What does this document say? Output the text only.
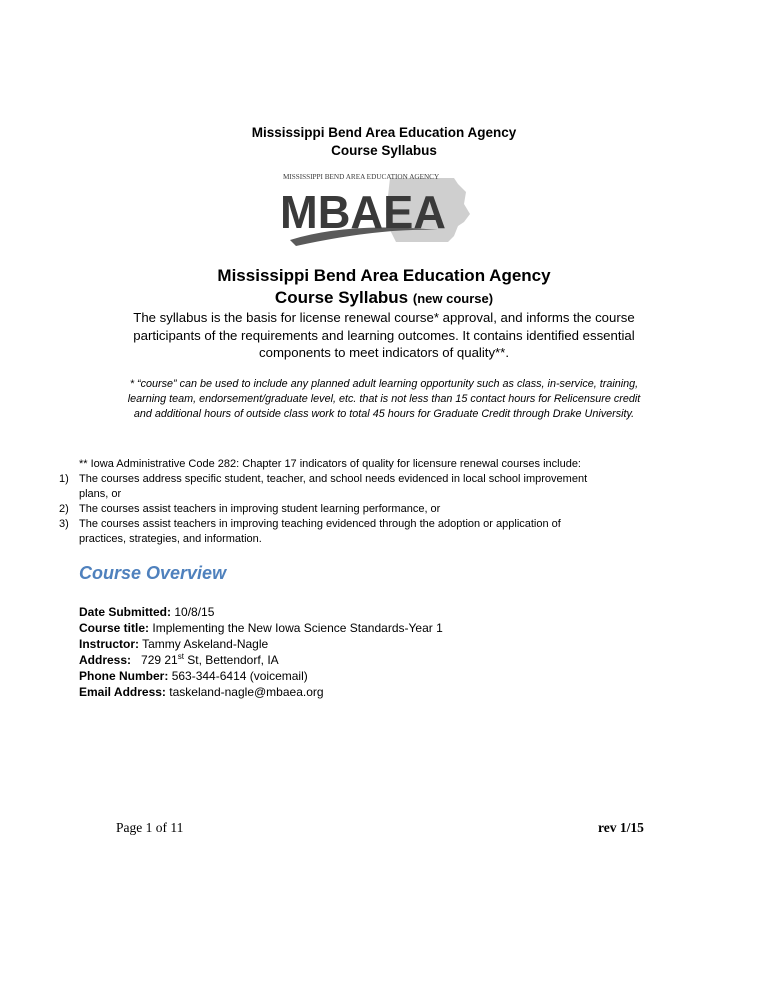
Mississippi Bend Area Education Agency
Course Syllabus
MISSISSIPPI BEND AREA EDUCATION AGENCY
MBAEA
Mississippi Bend Area Education Agency
Course Syllabus (new course)
The syllabus is the basis for license renewal course* approval, and informs the course participants of the requirements and learning outcomes. It contains identified essential components to meet indicators of quality**.
* “course” can be used to include any planned adult learning opportunity such as class, in-service, training, learning team, endorsement/graduate level, etc. that is not less than 15 contact hours for Relicensure credit and additional hours of outside class work to total 45 hours for Graduate Credit through Drake University.
** Iowa Administrative Code 282: Chapter 17 indicators of quality for licensure renewal courses include:
1) The courses address specific student, teacher, and school needs evidenced in local school improvement
plans, or
2) The courses assist teachers in improving student learning performance, or
3) The courses assist teachers in improving teaching evidenced through the adoption or application of
practices, strategies, and information.
Course Overview
Date Submitted: 10/8/15
Course title: Implementing the New Iowa Science Standards-Year 1
Instructor: Tammy Askeland-Nagle
Address: 729 21st St, Bettendorf, IA
Phone Number: 563-344-6414 (voicemail)
Email Address: taskeland-nagle@mbaea.org
Page 1 of 11	rev 1/15
